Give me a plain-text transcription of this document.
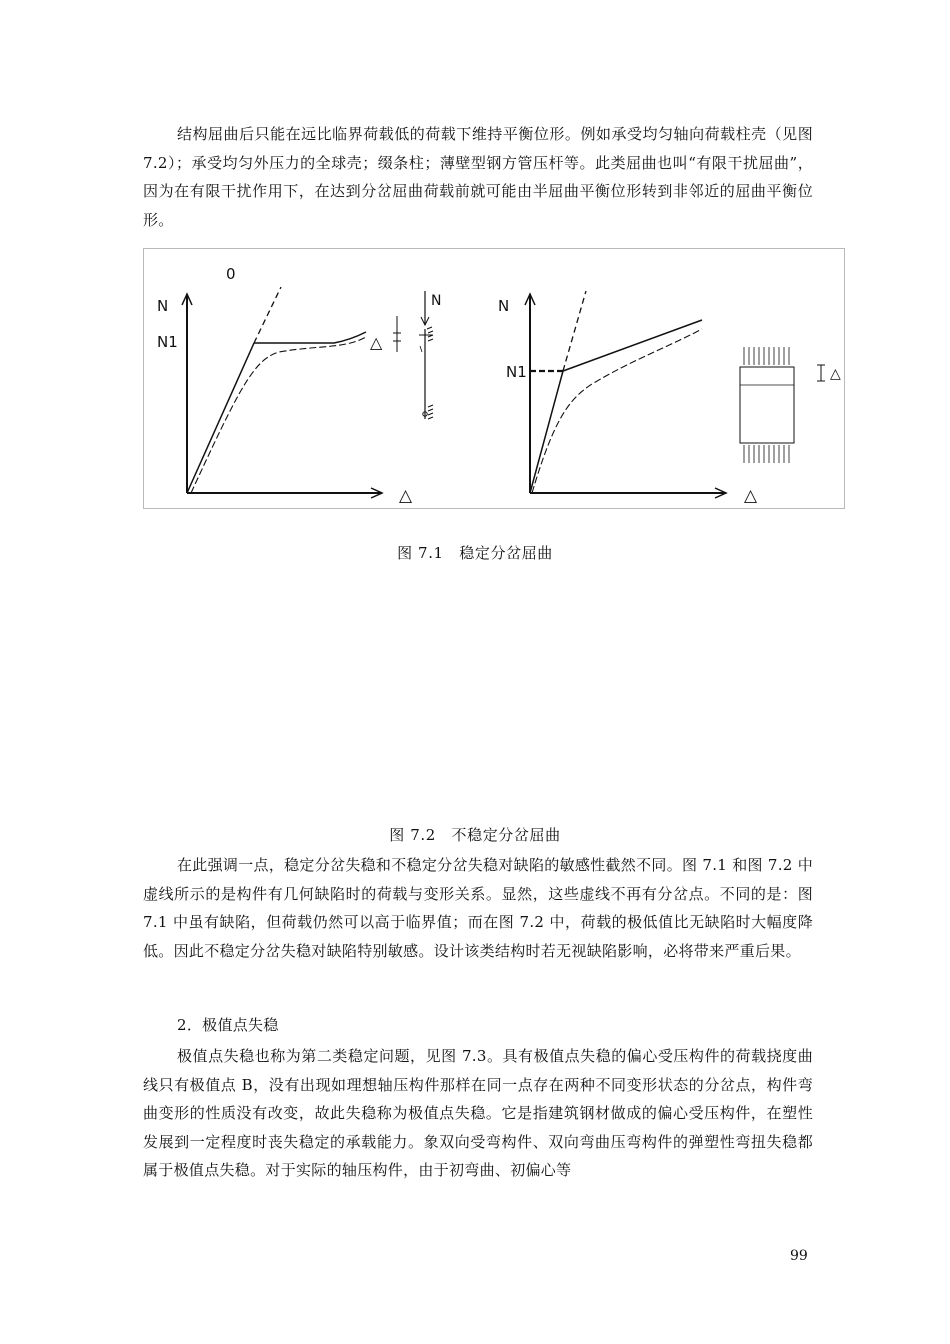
结构屈曲后只能在远比临界荷载低的荷载下维持平衡位形。例如承受均匀轴向荷载柱壳（见图 7.2）；承受均匀外压力的全球壳；缀条柱；薄壁型钢方管压杆等。此类屈曲也叫“有限干扰屈曲”，因为在有限干扰作用下，在达到分岔屈曲荷载前就可能由半屈曲平衡位形转到非邻近的屈曲平衡位形。

0
N
N1
△
△
N	N
N1
△
△

图 7.1　稳定分岔屈曲

图 7.2　不稳定分岔屈曲

在此强调一点，稳定分岔失稳和不稳定分岔失稳对缺陷的敏感性截然不同。图 7.1 和图 7.2 中虚线所示的是构件有几何缺陷时的荷载与变形关系。显然，这些虚线不再有分岔点。不同的是：图 7.1 中虽有缺陷，但荷载仍然可以高于临界值；而在图 7.2 中，荷载的极低值比无缺陷时大幅度降低。因此不稳定分岔失稳对缺陷特别敏感。设计该类结构时若无视缺陷影响，必将带来严重后果。

2．极值点失稳

极值点失稳也称为第二类稳定问题，见图 7.3。具有极值点失稳的偏心受压构件的荷载挠度曲线只有极值点 B，没有出现如理想轴压构件那样在同一点存在两种不同变形状态的分岔点，构件弯曲变形的性质没有改变，故此失稳称为极值点失稳。它是指建筑钢材做成的偏心受压构件，在塑性发展到一定程度时丧失稳定的承载能力。象双向受弯构件、双向弯曲压弯构件的弹塑性弯扭失稳都属于极值点失稳。对于实际的轴压构件，由于初弯曲、初偏心等

99
